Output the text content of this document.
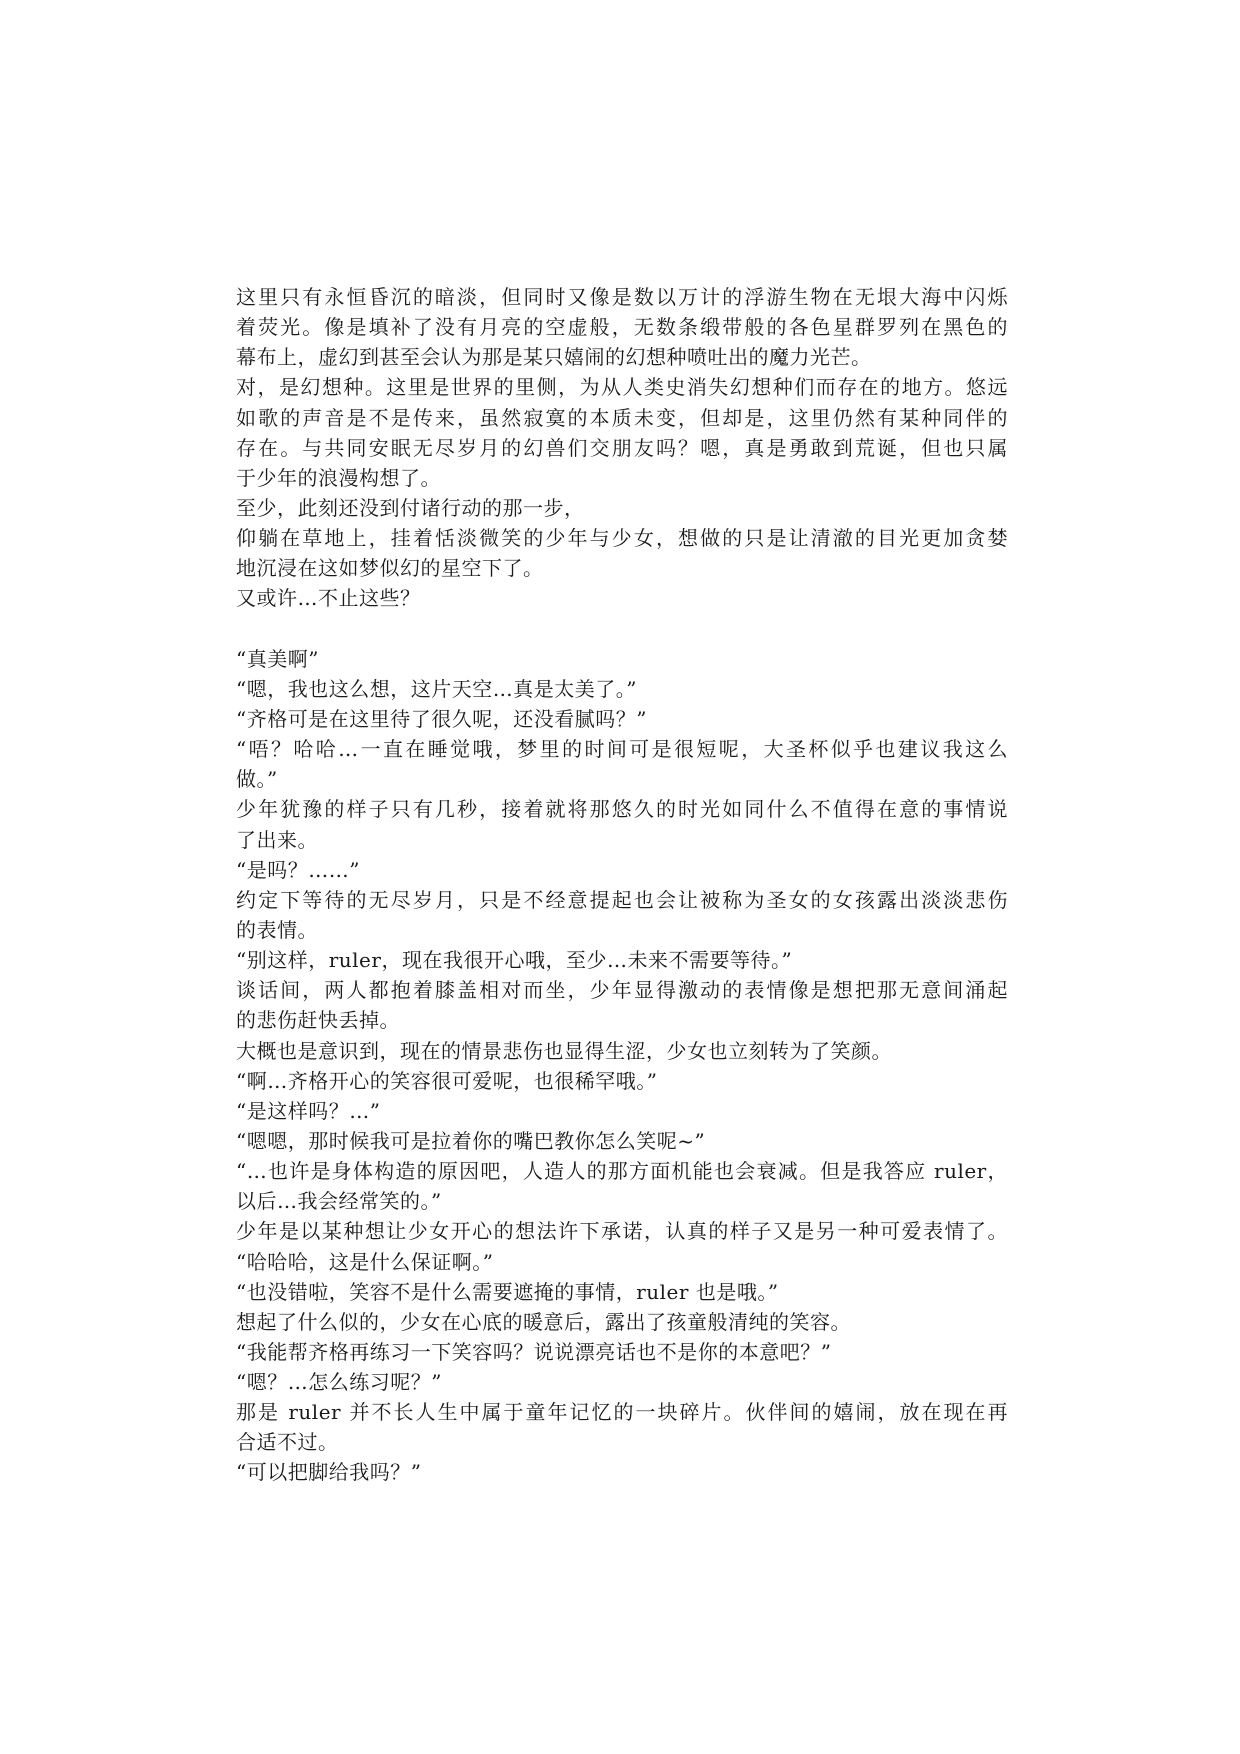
这里只有永恒昏沉的暗淡，但同时又像是数以万计的浮游生物在无垠大海中闪烁
着荧光。像是填补了没有月亮的空虚般，无数条缎带般的各色星群罗列在黑色的
幕布上，虚幻到甚至会认为那是某只嬉闹的幻想种喷吐出的魔力光芒。
对，是幻想种。这里是世界的里侧，为从人类史消失幻想种们而存在的地方。悠远
如歌的声音是不是传来，虽然寂寞的本质未变，但却是，这里仍然有某种同伴的
存在。与共同安眠无尽岁月的幻兽们交朋友吗？嗯，真是勇敢到荒诞，但也只属
于少年的浪漫构想了。
至少，此刻还没到付诸行动的那一步，
仰躺在草地上，挂着恬淡微笑的少年与少女，想做的只是让清澈的目光更加贪婪
地沉浸在这如梦似幻的星空下了。
又或许…不止这些？
“真美啊”
“嗯，我也这么想，这片天空…真是太美了。”
“齐格可是在这里待了很久呢，还没看腻吗？”
“唔？哈哈…一直在睡觉哦，梦里的时间可是很短呢，大圣杯似乎也建议我这么
做。”
少年犹豫的样子只有几秒，接着就将那悠久的时光如同什么不值得在意的事情说
了出来。
“是吗？……”
约定下等待的无尽岁月，只是不经意提起也会让被称为圣女的女孩露出淡淡悲伤
的表情。
“别这样，ruler，现在我很开心哦，至少…未来不需要等待。”
谈话间，两人都抱着膝盖相对而坐，少年显得激动的表情像是想把那无意间涌起
的悲伤赶快丢掉。
大概也是意识到，现在的情景悲伤也显得生涩，少女也立刻转为了笑颜。
“啊…齐格开心的笑容很可爱呢，也很稀罕哦。”
“是这样吗？…”
“嗯嗯，那时候我可是拉着你的嘴巴教你怎么笑呢~”
“…也许是身体构造的原因吧，人造人的那方面机能也会衰减。但是我答应 ruler，
以后…我会经常笑的。”
少年是以某种想让少女开心的想法许下承诺，认真的样子又是另一种可爱表情了。
“哈哈哈，这是什么保证啊。”
“也没错啦，笑容不是什么需要遮掩的事情，ruler 也是哦。”
想起了什么似的，少女在心底的暖意后，露出了孩童般清纯的笑容。
“我能帮齐格再练习一下笑容吗？说说漂亮话也不是你的本意吧？”
“嗯？…怎么练习呢？”
那是 ruler 并不长人生中属于童年记忆的一块碎片。伙伴间的嬉闹，放在现在再
合适不过。
“可以把脚给我吗？”
